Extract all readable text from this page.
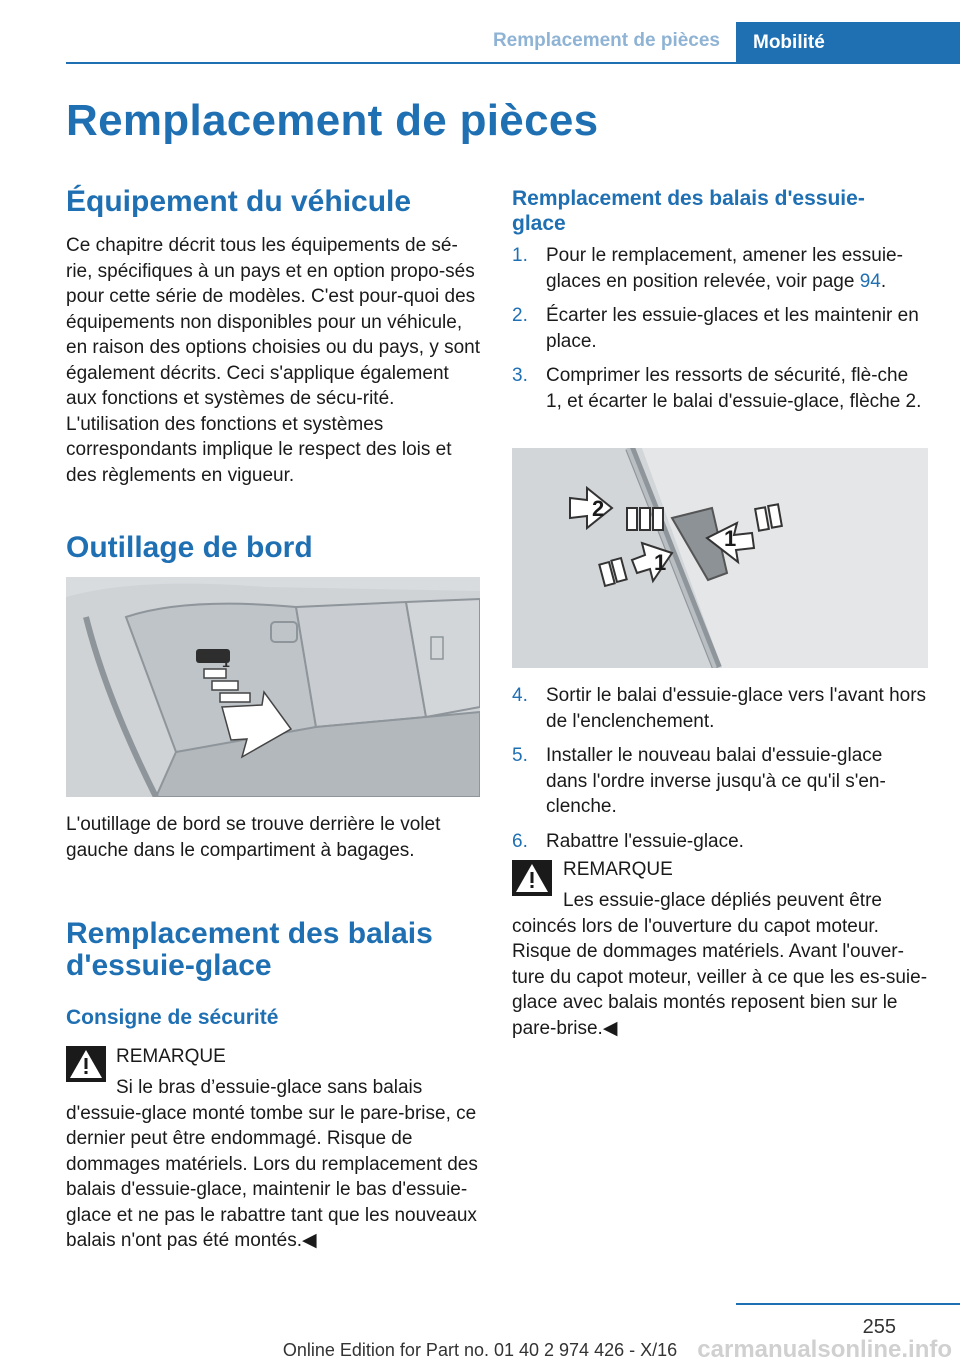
Remplacement de pièces	Mobilité
Remplacement de pièces
Équipement du véhicule
Ce chapitre décrit tous les équipements de sé-rie, spécifiques à un pays et en option propo-sés pour cette série de modèles. C'est pour-quoi des équipements non disponibles pour un véhicule, en raison des options choisies ou du pays, y sont également décrits. Ceci s'applique également aux fonctions et systèmes de sécu-rité. L'utilisation des fonctions et systèmes correspondants implique le respect des lois et des règlements en vigueur.
Outillage de bord
1
L'outillage de bord se trouve derrière le volet gauche dans le compartiment à bagages.
Remplacement des balais
d'essuie-glace
Consigne de sécurité
REMARQUE
Si le bras d’essuie-glace sans balais d'essuie-glace monté tombe sur le pare-brise, ce dernier peut être endommagé. Risque de dommages matériels. Lors du remplacement des balais d'essuie-glace, maintenir le bas d'essuie-glace et ne pas le rabattre tant que les nouveaux balais n'ont pas été montés.◀
Remplacement des balais d'essuie-
glace
1. Pour le remplacement, amener les essuie-glaces en position relevée, voir page 94.
2. Écarter les essuie-glaces et les maintenir en place.
3. Comprimer les ressorts de sécurité, flè-che 1, et écarter le balai d'essuie-glace, flèche 2.
2
1
1
4. Sortir le balai d'essuie-glace vers l'avant hors de l'enclenchement.
5. Installer le nouveau balai d'essuie-glace dans l'ordre inverse jusqu'à ce qu'il s'en-clenche.
6. Rabattre l'essuie-glace.
REMARQUE
Les essuie-glace dépliés peuvent être coincés lors de l'ouverture du capot moteur. Risque de dommages matériels. Avant l'ouver-ture du capot moteur, veiller à ce que les es-suie-glace avec balais montés reposent bien sur le pare-brise.◀
255
Online Edition for Part no. 01 40 2 974 426 - X/16 carmanualsonline.info
